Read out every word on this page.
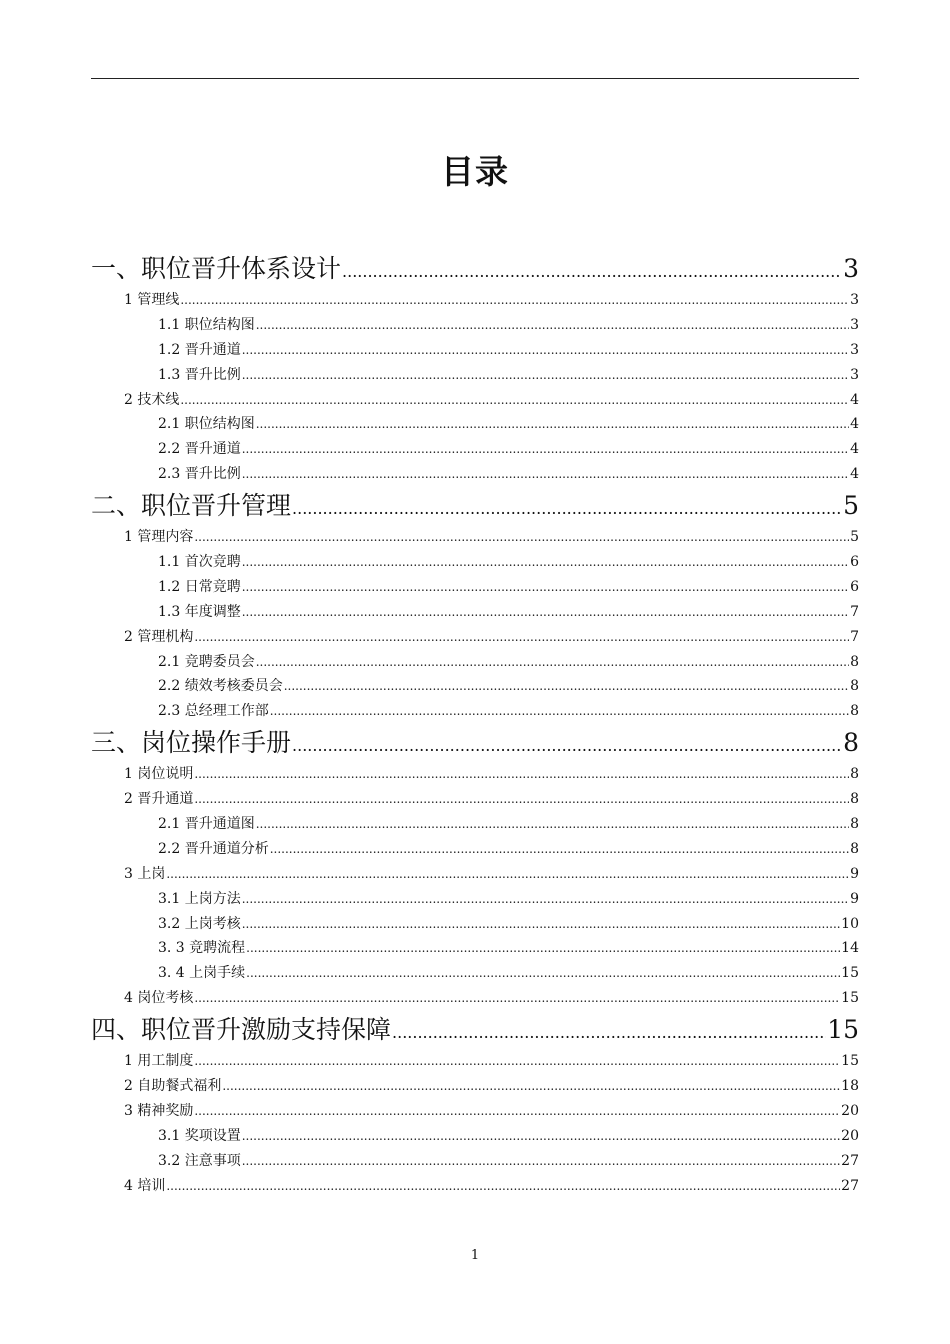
目录
一、职位晋升体系设计 .....	3
1 管理线 .....	3
1.1 职位结构图 .....	3
1.2 晋升通道 .....	3
1.3 晋升比例 .....	3
2 技术线 .....	4
2.1 职位结构图 .....	4
2.2 晋升通道 .....	4
2.3 晋升比例 .....	4
二、职位晋升管理 .....	5
1 管理内容 .....	5
1.1 首次竞聘 .....	6
1.2 日常竞聘 .....	6
1.3 年度调整 .....	7
2 管理机构 .....	7
2.1 竞聘委员会 .....	8
2.2 绩效考核委员会 .....	8
2.3 总经理工作部 .....	8
三、岗位操作手册 .....	8
1 岗位说明 .....	8
2 晋升通道 .....	8
2.1 晋升通道图 .....	8
2.2 晋升通道分析 .....	8
3 上岗 .....	9
3.1 上岗方法 .....	9
3.2 上岗考核 .....	10
3. 3 竞聘流程 .....	14
3. 4 上岗手续 .....	15
4 岗位考核 .....	15
四、职位晋升激励支持保障 .....	15
1 用工制度 .....	15
2 自助餐式福利 .....	18
3 精神奖励 .....	20
3.1 奖项设置 .....	20
3.2 注意事项 .....	27
4 培训 .....	27
1
